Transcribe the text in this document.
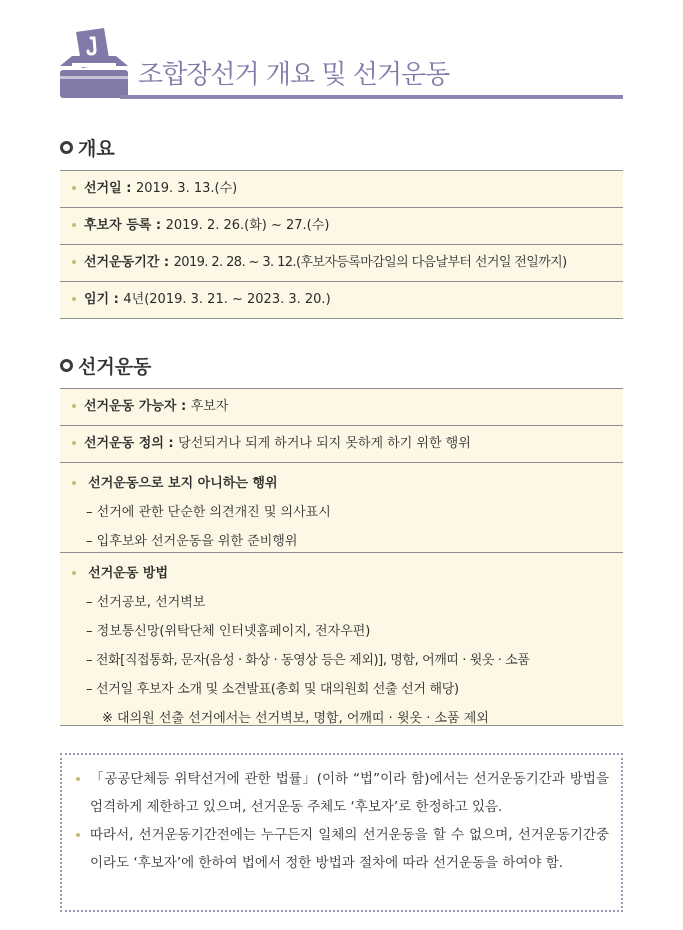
조합장선거 개요 및 선거운동
개요
선거일 : 2019. 3. 13.(수)
후보자 등록 : 2019. 2. 26.(화) ~ 27.(수)
선거운동기간 : 2019. 2. 28. ~ 3. 12.(후보자등록마감일의 다음날부터 선거일 전일까지)
임기 : 4년(2019. 3. 21. ~ 2023. 3. 20.)
선거운동
선거운동 가능자 : 후보자
선거운동 정의 : 당선되거나 되게 하거나 되지 못하게 하기 위한 행위
선거운동으로 보지 아니하는 행위
– 선거에 관한 단순한 의견개진 및 의사표시
– 입후보와 선거운동을 위한 준비행위
선거운동 방법
– 선거공보, 선거벽보
– 정보통신망(위탁단체 인터넷홈페이지, 전자우편)
– 전화[직접통화, 문자(음성 · 화상 · 동영상 등은 제외)], 명함, 어깨띠 · 윗옷 · 소품
– 선거일 후보자 소개 및 소견발표(총회 및 대의원회 선출 선거 해당)
※ 대의원 선출 선거에서는 선거벽보, 명함, 어깨띠 · 윗옷 · 소품 제외
「공공단체등 위탁선거에 관한 법률」(이하 “법”이라 함)에서는 선거운동기간과 방법을 엄격하게 제한하고 있으며, 선거운동 주체도 ‘후보자’로 한정하고 있음.
따라서, 선거운동기간전에는 누구든지 일체의 선거운동을 할 수 없으며, 선거운동기간중이라도 ‘후보자’에 한하여 법에서 정한 방법과 절차에 따라 선거운동을 하여야 함.
